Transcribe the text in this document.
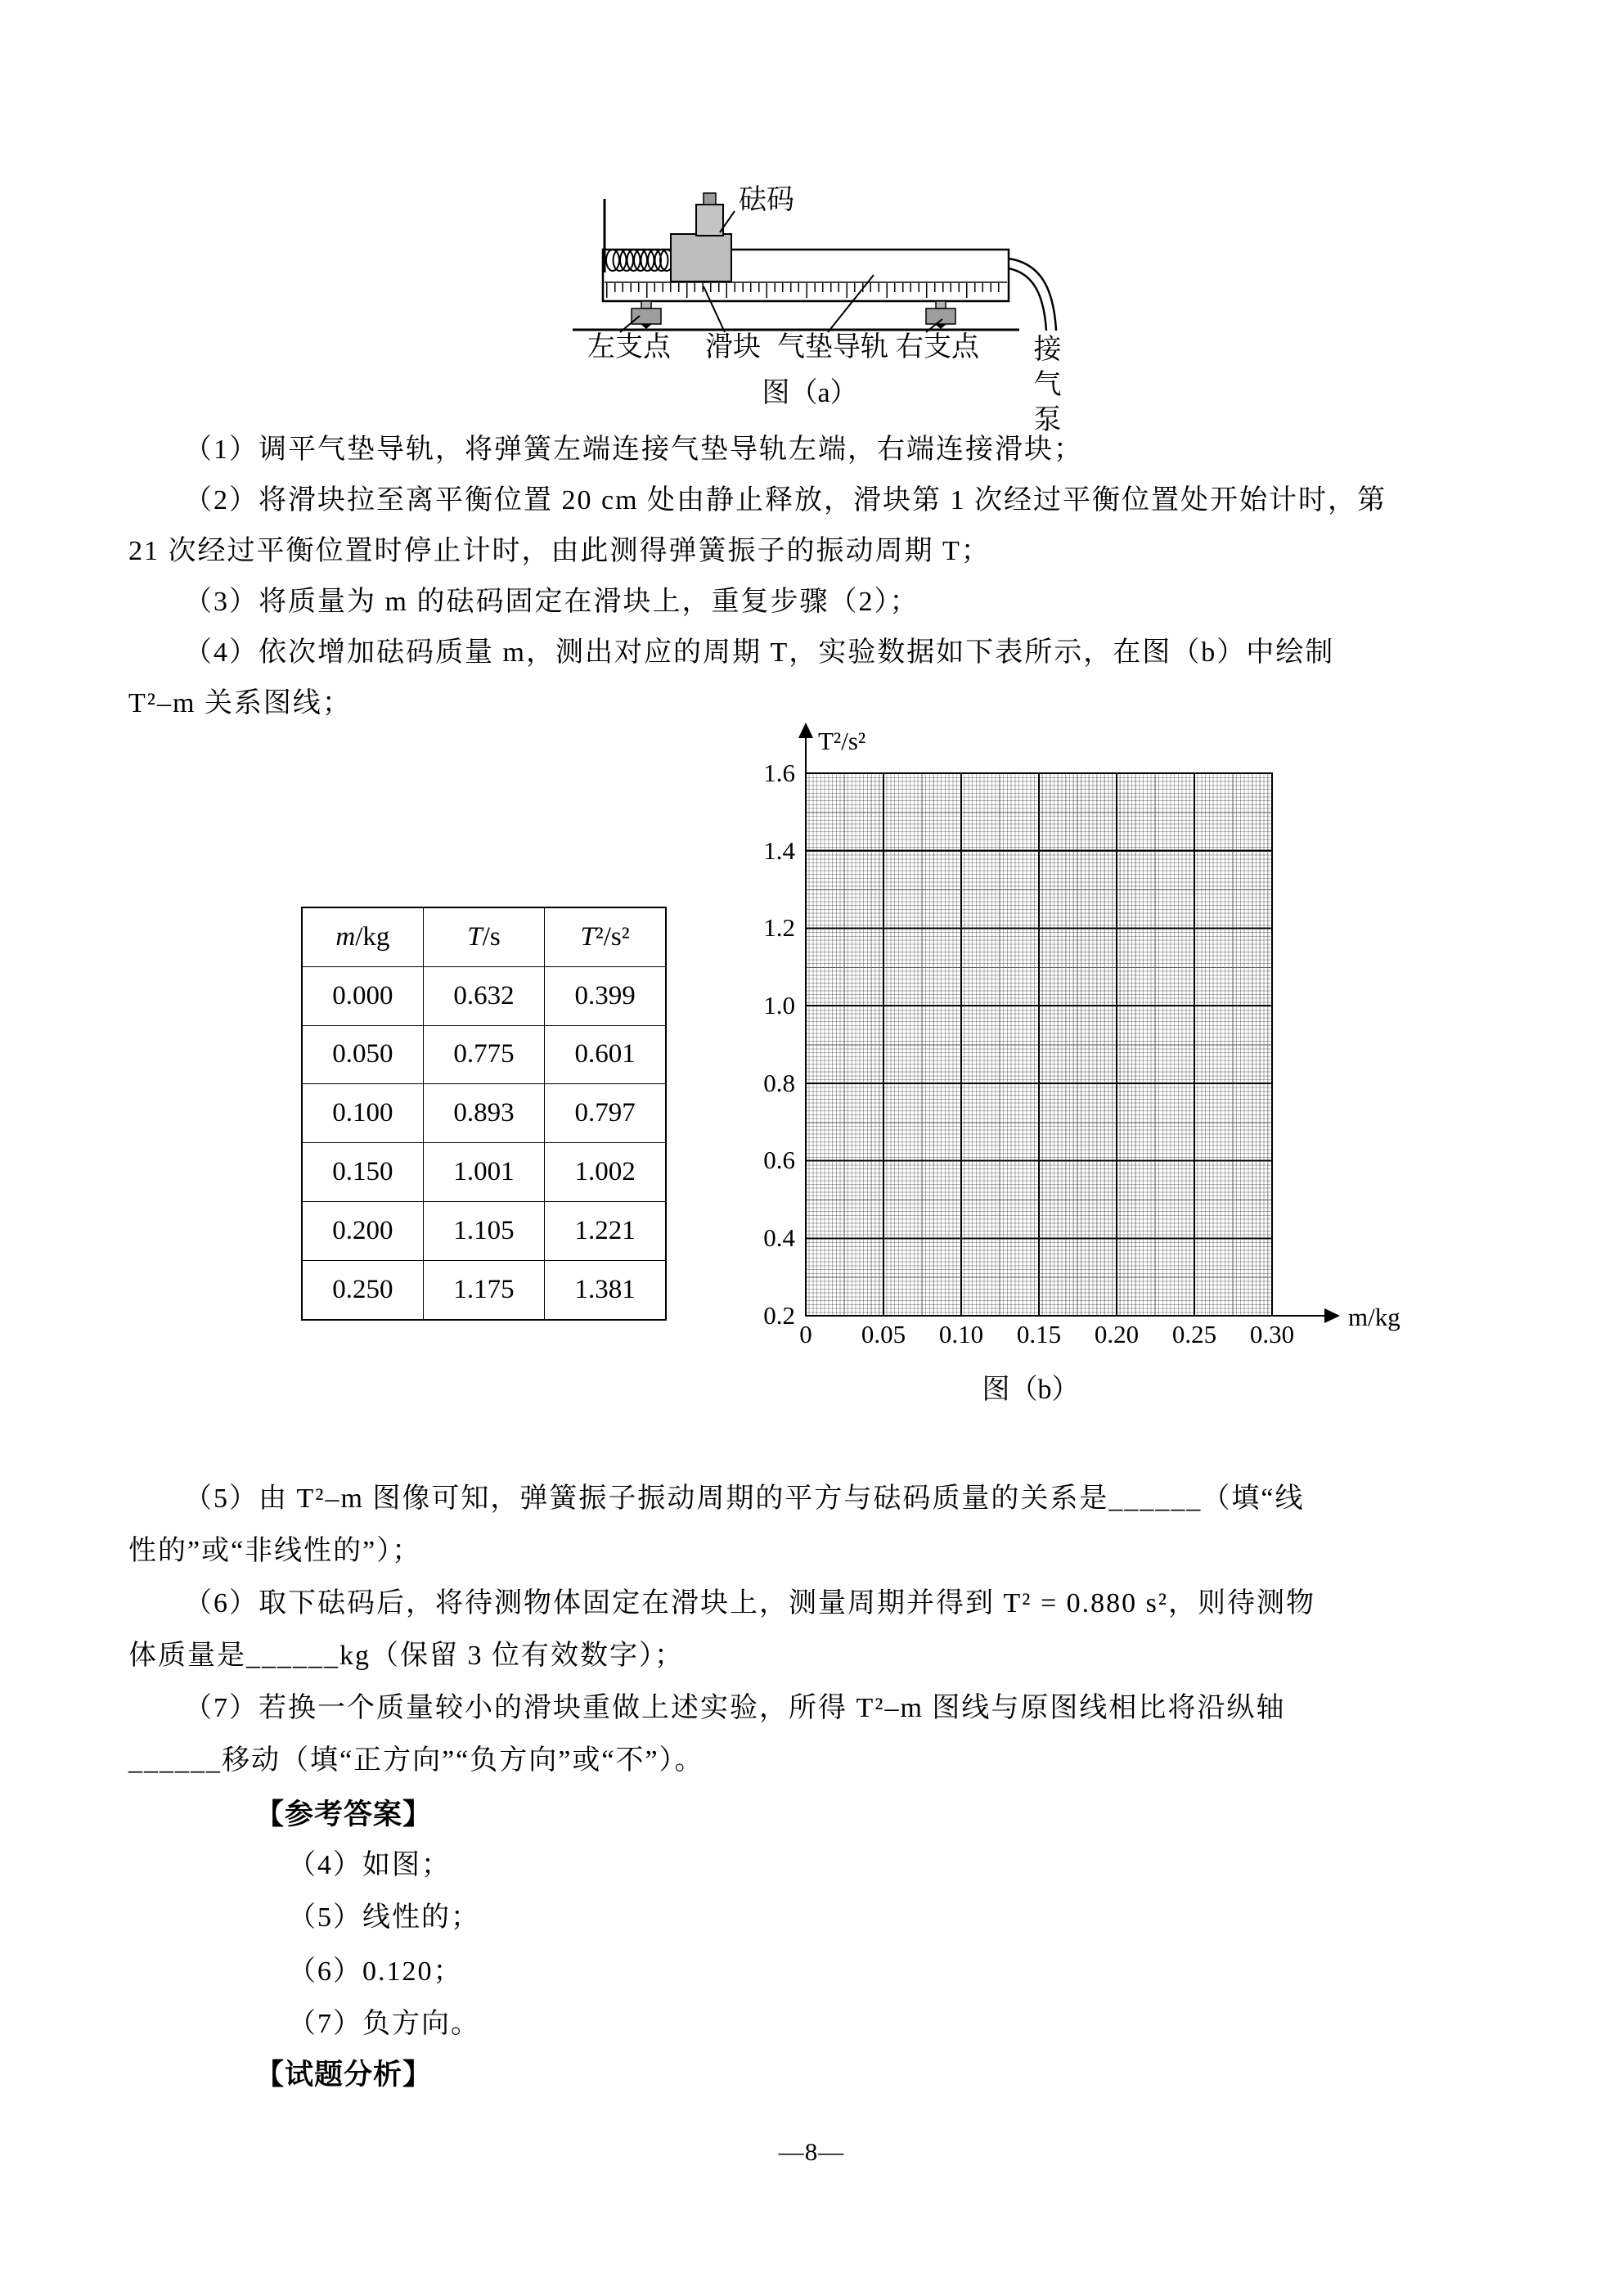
砝码
左支点 滑块 气垫导轨 右支点 接气泵
图（a）
（1）调平气垫导轨，将弹簧左端连接气垫导轨左端，右端连接滑块；
（2）将滑块拉至离平衡位置 20 cm 处由静止释放，滑块第 1 次经过平衡位置处开始计时，第
21 次经过平衡位置时停止计时，由此测得弹簧振子的振动周期 T；
（3）将质量为 m 的砝码固定在滑块上，重复步骤（2）；
（4）依次增加砝码质量 m，测出对应的周期 T，实验数据如下表所示，在图（b）中绘制
T²–m 关系图线；
m/kg	T/s	T²/s²
0.000	0.632	0.399
0.050	0.775	0.601
0.100	0.893	0.797
0.150	1.001	1.002
0.200	1.105	1.221
0.250	1.175	1.381
T²/s²
m/kg
1.6
1.4
1.2
1.0
0.8
0.6
0.4
0.2
0	0.05	0.10	0.15	0.20	0.25	0.30
图（b）
（5）由 T²–m 图像可知，弹簧振子振动周期的平方与砝码质量的关系是______（填“线
性的”或“非线性的”）；
（6）取下砝码后，将待测物体固定在滑块上，测量周期并得到 T² = 0.880 s²，则待测物
体质量是______kg（保留 3 位有效数字）；
（7）若换一个质量较小的滑块重做上述实验，所得 T²–m 图线与原图线相比将沿纵轴
______移动（填“正方向”“负方向”或“不”）。
【参考答案】
（4）如图；
（5）线性的；
（6）0.120；
（7）负方向。
【试题分析】
—8—
